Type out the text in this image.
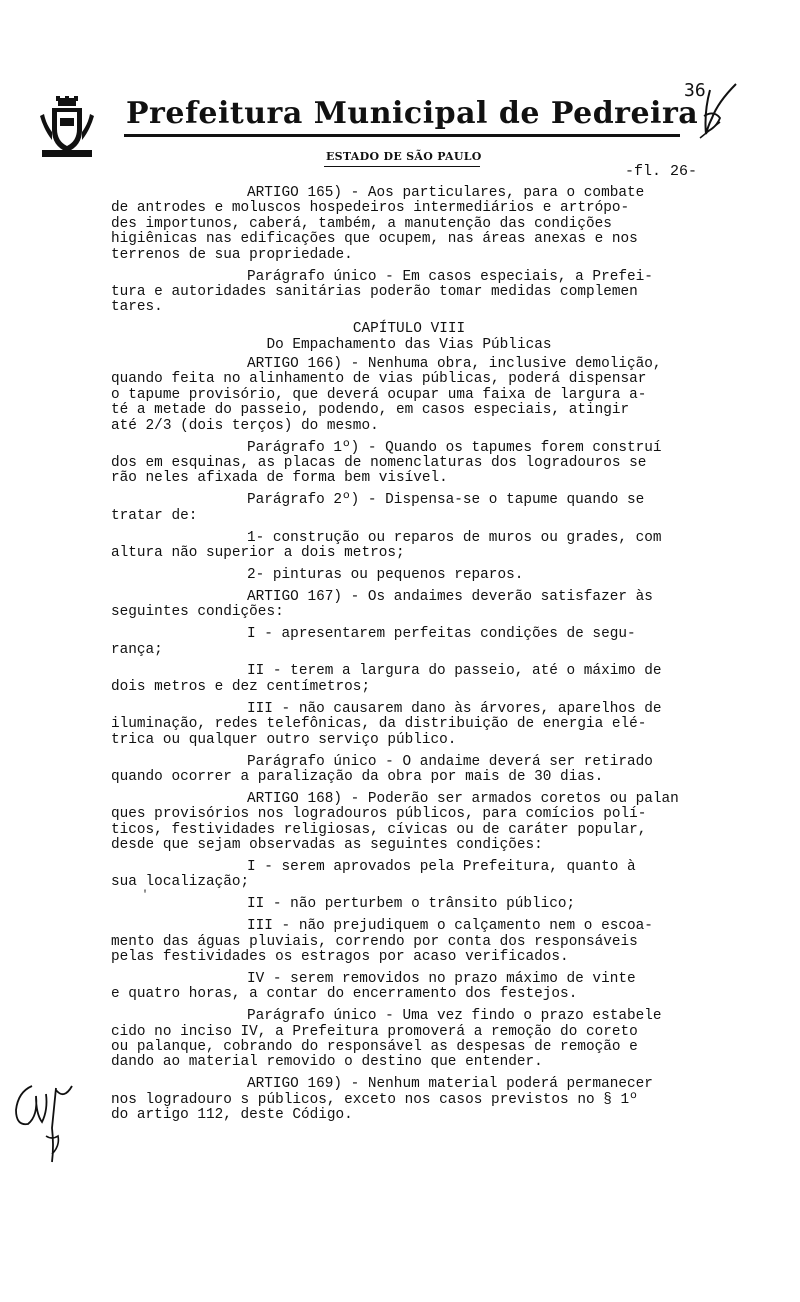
Prefeitura Municipal de Pedreira
ESTADO DE SÃO PAULO
36
-fl. 26-

ARTIGO 165) - Aos particulares, para o combate

de antrodes e moluscos hospedeiros intermediários e artrópo-

des importunos, caberá, também, a manutenção das condições

higiênicas nas edificações que ocupem, nas áreas anexas e nos

terrenos de sua propriedade.

Parágrafo único - Em casos especiais, a Prefei-

tura e autoridades sanitárias poderão tomar medidas complemen

tares.

CAPÍTULO VIII

Do Empachamento das Vias Públicas

ARTIGO 166) - Nenhuma obra, inclusive demolição,

quando feita no alinhamento de vias públicas, poderá dispensar

o tapume provisório, que deverá ocupar uma faixa de largura a-

té a metade do passeio, podendo, em casos especiais, atingir

até 2/3 (dois terços) do mesmo.

Parágrafo 1º) - Quando os tapumes forem construí

dos em esquinas, as placas de nomenclaturas dos logradouros se

rão neles afixada de forma bem visível.

Parágrafo 2º) - Dispensa-se o tapume quando se

tratar de:

1- construção ou reparos de muros ou grades, com

altura não superior a dois metros;

2- pinturas ou pequenos reparos.

ARTIGO 167) - Os andaimes deverão satisfazer às

seguintes condições:

I - apresentarem perfeitas condições de segu-

rança;

II - terem a largura do passeio, até o máximo de

dois metros e dez centímetros;

III - não causarem dano às árvores, aparelhos de

iluminação, redes telefônicas, da distribuição de energia elé-

trica ou qualquer outro serviço público.

Parágrafo único - O andaime deverá ser retirado

quando ocorrer a paralização da obra por mais de 30 dias.

ARTIGO 168) - Poderão ser armados coretos ou palan

ques provisórios nos logradouros públicos, para comícios polí-

ticos, festividades religiosas, cívicas ou de caráter popular,

desde que sejam observadas as seguintes condições:

I - serem aprovados pela Prefeitura, quanto à

sua localização;

II - não perturbem o trânsito público;

III - não prejudiquem o calçamento nem o escoa-

mento das águas pluviais, correndo por conta dos responsáveis

pelas festividades os estragos por acaso verificados.

IV - serem removidos no prazo máximo de vinte

e quatro horas, a contar do encerramento dos festejos.

Parágrafo único - Uma vez findo o prazo estabele

cido no inciso IV, a Prefeitura promoverá a remoção do coreto

ou palanque, cobrando do responsável as despesas de remoção e

dando ao material removido o destino que entender.

ARTIGO 169) - Nenhum material poderá permanecer

nos logradouro s públicos, exceto nos casos previstos no § 1º

do artigo 112, deste Código.

'
